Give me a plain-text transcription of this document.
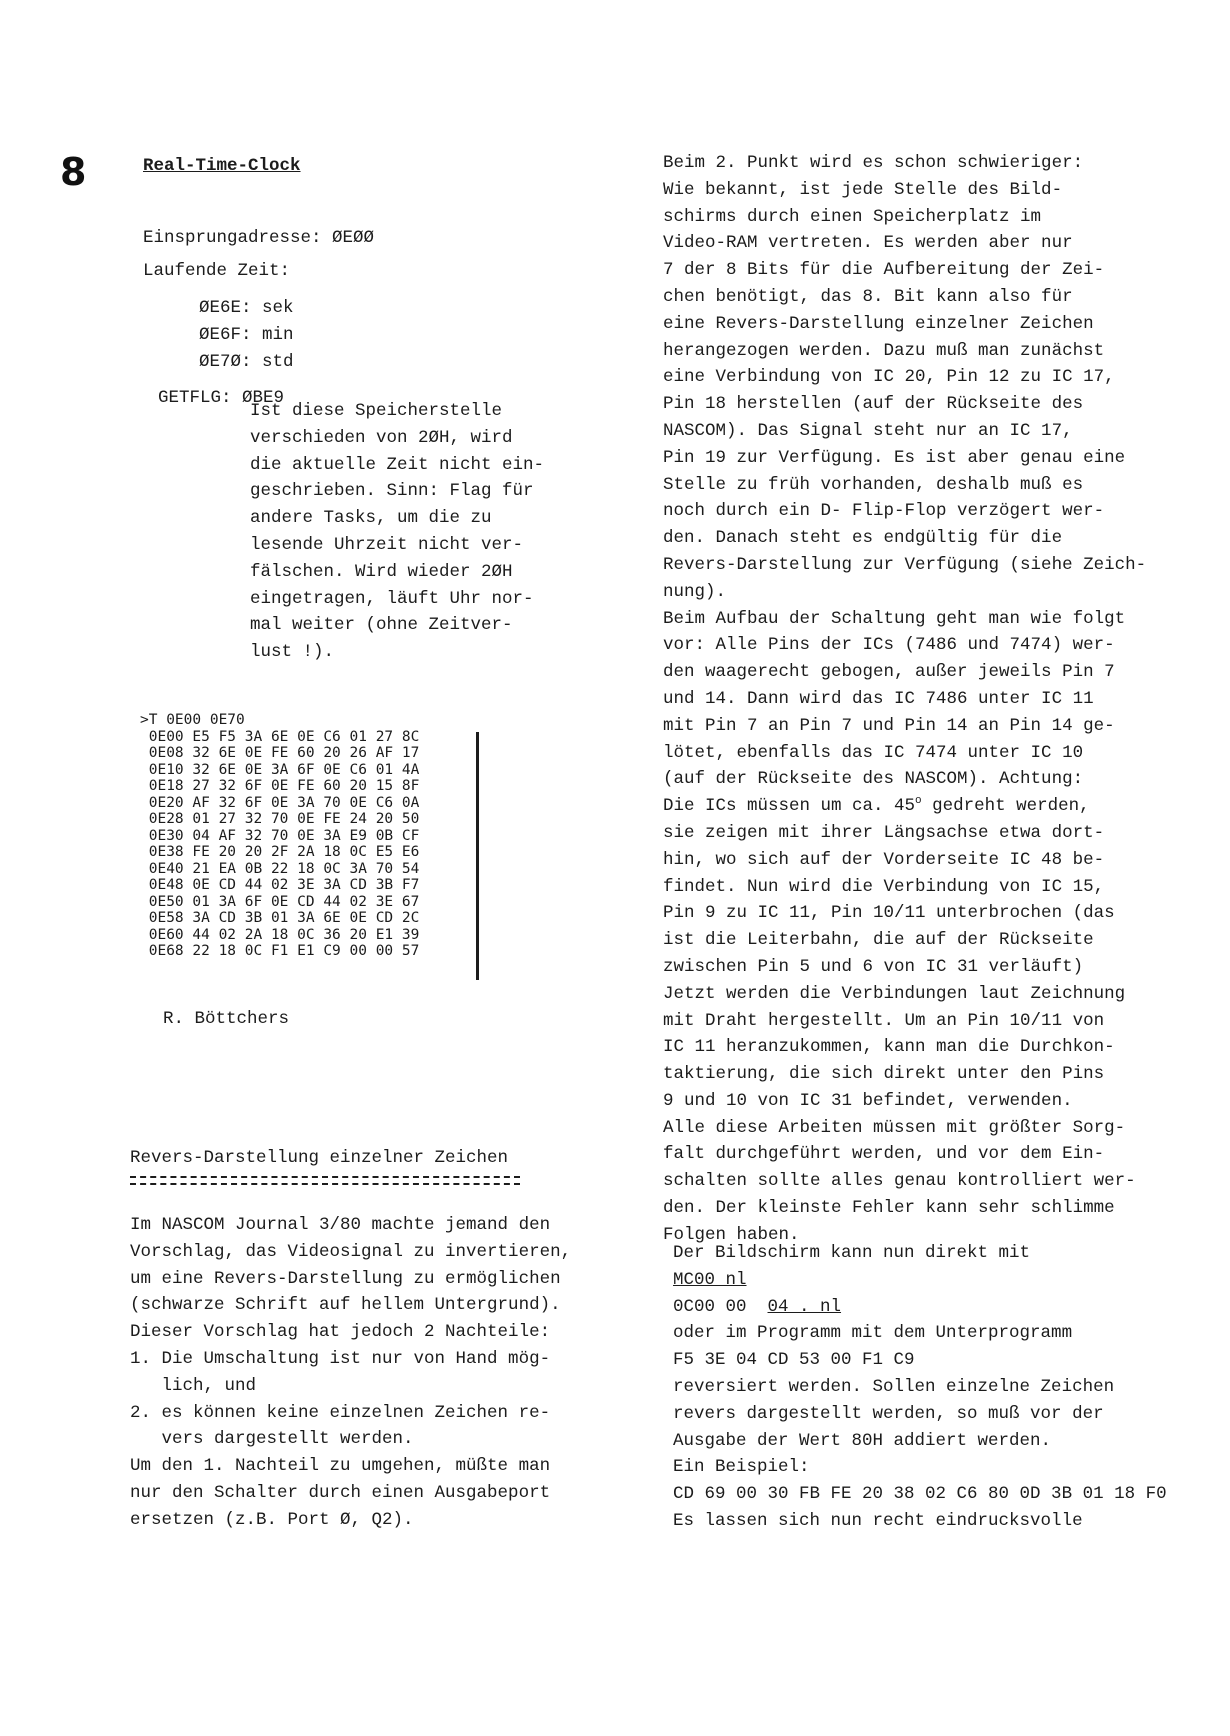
8	Real-Time-Clock
Einsprungadresse: ØEØØ
Laufende Zeit:
ØE6E: sek
ØE6F: min
ØE7Ø: std
GETFLG: ØBE9
Ist diese Speicherstelle
verschieden von 2ØH, wird
die aktuelle Zeit nicht ein-
geschrieben. Sinn: Flag für
andere Tasks, um die zu
lesende Uhrzeit nicht ver-
fälschen. Wird wieder 2ØH
eingetragen, läuft Uhr nor-
mal weiter (ohne Zeitver-
lust !).
>T 0E00 0E70
0E00 E5 F5 3A 6E 0E C6 01 27 8C
0E08 32 6E 0E FE 60 20 26 AF 17
0E10 32 6E 0E 3A 6F 0E C6 01 4A
0E18 27 32 6F 0E FE 60 20 15 8F
0E20 AF 32 6F 0E 3A 70 0E C6 0A
0E28 01 27 32 70 0E FE 24 20 50
0E30 04 AF 32 70 0E 3A E9 0B CF
0E38 FE 20 20 2F 2A 18 0C E5 E6
0E40 21 EA 0B 22 18 0C 3A 70 54
0E48 0E CD 44 02 3E 3A CD 3B F7
0E50 01 3A 6F 0E CD 44 02 3E 67
0E58 3A CD 3B 01 3A 6E 0E CD 2C
0E60 44 02 2A 18 0C 36 20 E1 39
0E68 22 18 0C F1 E1 C9 00 00 57
R. Böttchers
Revers-Darstellung einzelner Zeichen
Im NASCOM Journal 3/80 machte jemand den
Vorschlag, das Videosignal zu invertieren,
um eine Revers-Darstellung zu ermöglichen
(schwarze Schrift auf hellem Untergrund).
Dieser Vorschlag hat jedoch 2 Nachteile:
1. Die Umschaltung ist nur von Hand mög-
lich, und
2. es können keine einzelnen Zeichen re-
vers dargestellt werden.
Um den 1. Nachteil zu umgehen, müßte man
nur den Schalter durch einen Ausgabeport
ersetzen (z.B. Port Ø, Q2).
Beim 2. Punkt wird es schon schwieriger:
Wie bekannt, ist jede Stelle des Bild-
schirms durch einen Speicherplatz im
Video-RAM vertreten. Es werden aber nur
7 der 8 Bits für die Aufbereitung der Zei-
chen benötigt, das 8. Bit kann also für
eine Revers-Darstellung einzelner Zeichen
herangezogen werden. Dazu muß man zunächst
eine Verbindung von IC 20, Pin 12 zu IC 17,
Pin 18 herstellen (auf der Rückseite des
NASCOM). Das Signal steht nur an IC 17,
Pin 19 zur Verfügung. Es ist aber genau eine
Stelle zu früh vorhanden, deshalb muß es
noch durch ein D- Flip-Flop verzögert wer-
den. Danach steht es endgültig für die
Revers-Darstellung zur Verfügung (siehe Zeich-
nung).
Beim Aufbau der Schaltung geht man wie folgt
vor: Alle Pins der ICs (7486 und 7474) wer-
den waagerecht gebogen, außer jeweils Pin 7
und 14. Dann wird das IC 7486 unter IC 11
mit Pin 7 an Pin 7 und Pin 14 an Pin 14 ge-
lötet, ebenfalls das IC 7474 unter IC 10
(auf der Rückseite des NASCOM). Achtung:
Die ICs müssen um ca. 45$^o$ gedreht werden,
sie zeigen mit ihrer Längsachse etwa dort-
hin, wo sich auf der Vorderseite IC 48 be-
findet. Nun wird die Verbindung von IC 15,
Pin 9 zu IC 11, Pin 10/11 unterbrochen (das
ist die Leiterbahn, die auf der Rückseite
zwischen Pin 5 und 6 von IC 31 verläuft)
Jetzt werden die Verbindungen laut Zeichnung
mit Draht hergestellt. Um an Pin 10/11 von
IC 11 heranzukommen, kann man die Durchkon-
taktierung, die sich direkt unter den Pins
9 und 10 von IC 31 befindet, verwenden.
Alle diese Arbeiten müssen mit größter Sorg-
falt durchgeführt werden, und vor dem Ein-
schalten sollte alles genau kontrolliert wer-
den. Der kleinste Fehler kann sehr schlimme
Folgen haben.
Der Bildschirm kann nun direkt mit
MC00 nl
0C00 00  04 . nl
oder im Programm mit dem Unterprogramm
F5 3E 04 CD 53 00 F1 C9
reversiert werden. Sollen einzelne Zeichen
revers dargestellt werden, so muß vor der
Ausgabe der Wert 80H addiert werden.
Ein Beispiel:
CD 69 00 30 FB FE 20 38 02 C6 80 0D 3B 01 18 F0
Es lassen sich nun recht eindrucksvolle
